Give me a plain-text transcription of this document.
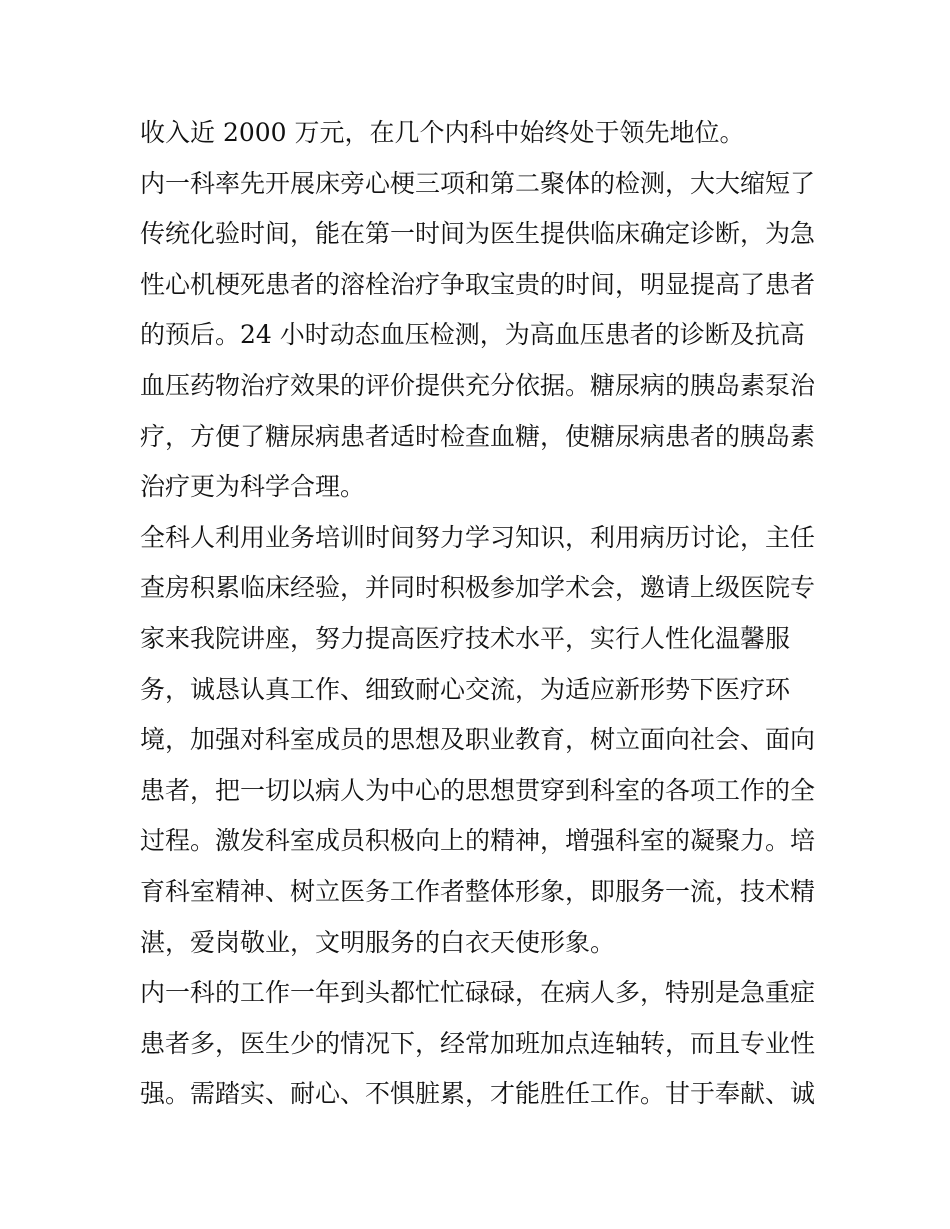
收入近 2000 万元，在几个内科中始终处于领先地位。
内一科率先开展床旁心梗三项和第二聚体的检测，大大缩短了
传统化验时间，能在第一时间为医生提供临床确定诊断，为急
性心机梗死患者的溶栓治疗争取宝贵的时间，明显提高了患者
的预后。24 小时动态血压检测，为高血压患者的诊断及抗高
血压药物治疗效果的评价提供充分依据。糖尿病的胰岛素泵治
疗，方便了糖尿病患者适时检查血糖，使糖尿病患者的胰岛素
治疗更为科学合理。
全科人利用业务培训时间努力学习知识，利用病历讨论，主任
查房积累临床经验，并同时积极参加学术会，邀请上级医院专
家来我院讲座，努力提高医疗技术水平，实行人性化温馨服
务，诚恳认真工作、细致耐心交流，为适应新形势下医疗环
境，加强对科室成员的思想及职业教育，树立面向社会、面向
患者，把一切以病人为中心的思想贯穿到科室的各项工作的全
过程。激发科室成员积极向上的精神，增强科室的凝聚力。培
育科室精神、树立医务工作者整体形象，即服务一流，技术精
湛，爱岗敬业，文明服务的白衣天使形象。
内一科的工作一年到头都忙忙碌碌，在病人多，特别是急重症
患者多，医生少的情况下，经常加班加点连轴转，而且专业性
强。需踏实、耐心、不惧脏累，才能胜任工作。甘于奉献、诚
